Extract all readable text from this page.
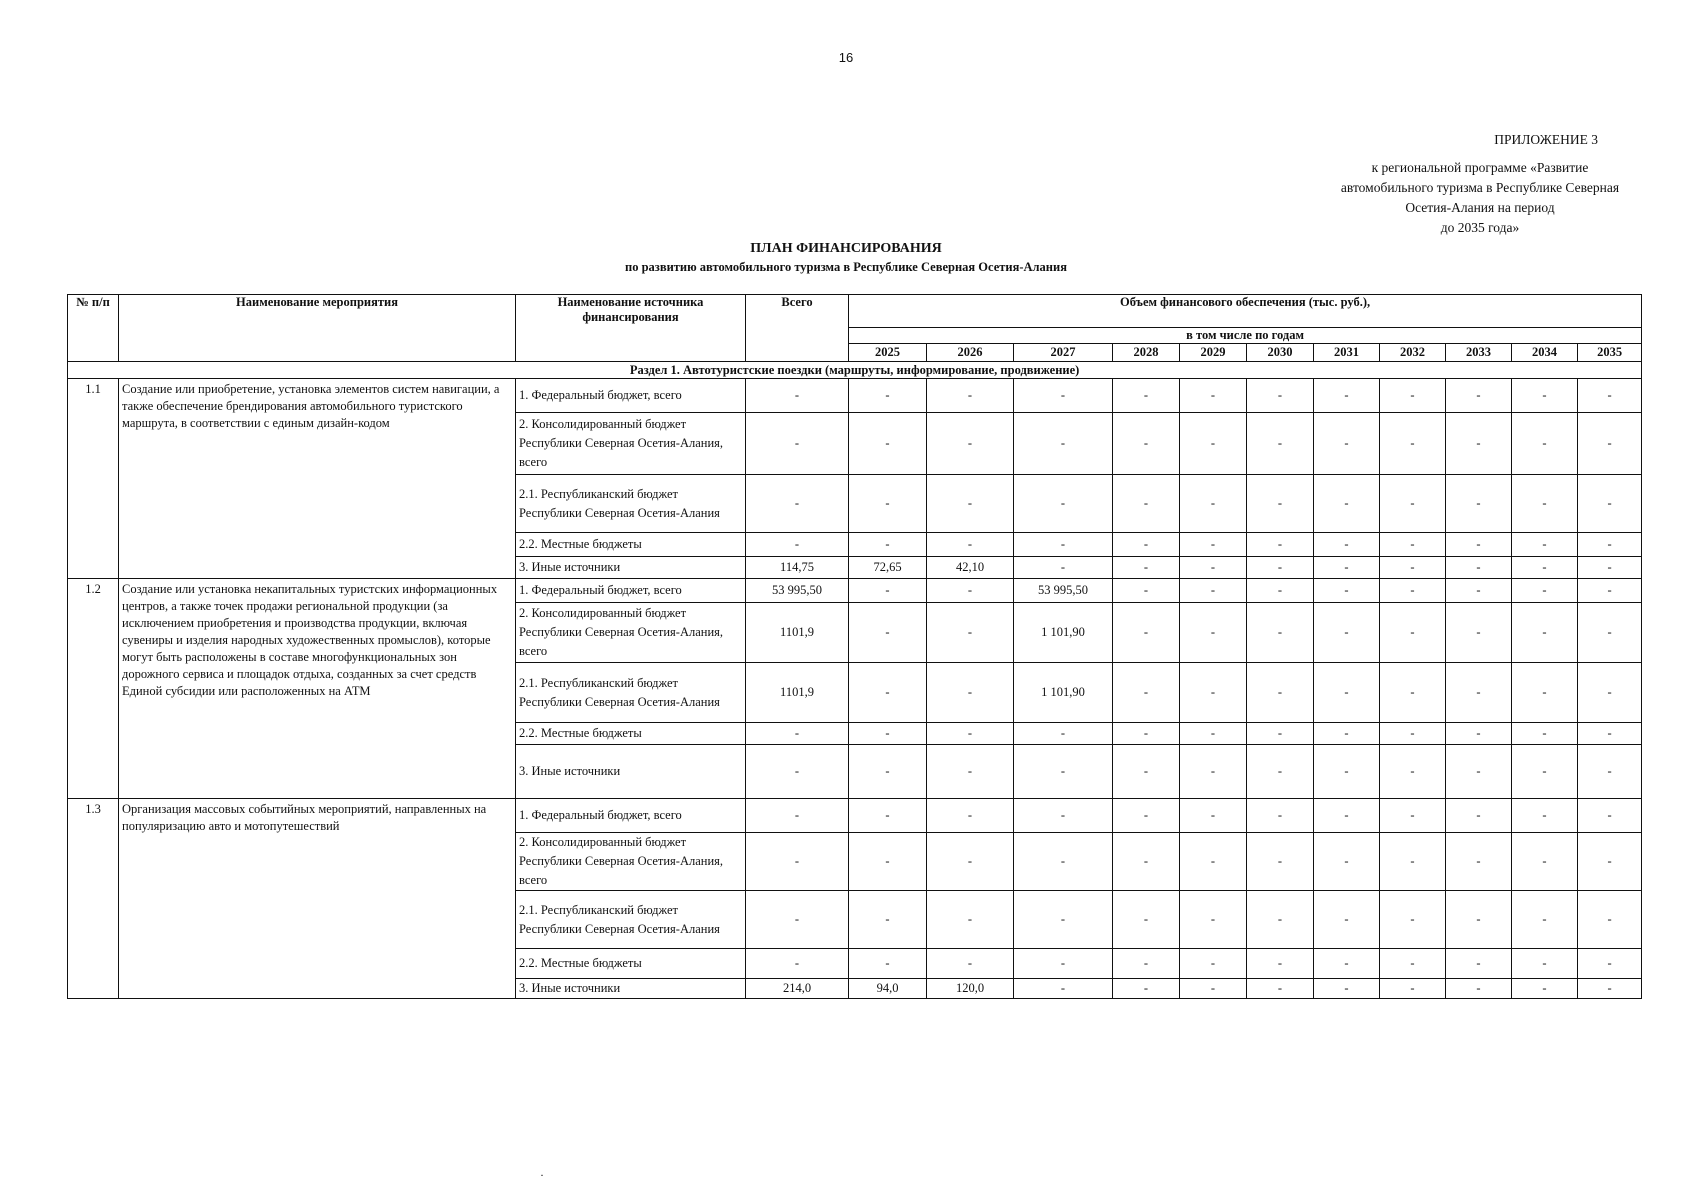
16
ПРИЛОЖЕНИЕ 3
к региональной программе «Развитие
автомобильного туризма в Республике Северная
Осетия-Алания на период
до 2035 года»
ПЛАН ФИНАНСИРОВАНИЯ
по развитию автомобильного туризма в Республике Северная Осетия-Алания
№ п/п	Наименование мероприятия	Наименование источника финансирования	Всего	Объем финансового обеспечения (тыс. руб.),										
				в том числе по годам										
				2025	2026	2027	2028	2029	2030	2031	2032	2033	2034	2035
Раздел 1. Автотуристские поездки (маршруты, информирование, продвижение)														
1.1	Создание или приобретение, установка элементов систем навигации, а также обеспечение брендирования автомобильного туристского маршрута, в соответствии с единым дизайн-кодом	1. Федеральный бюджет, всего	-	-	-	-	-	-	-	-	-	-	-	-
		2. Консолидированный бюджет Республики Северная Осетия-Алания, всего	-	-	-	-	-	-	-	-	-	-	-	-
		2.1. Республиканский бюджет Республики Северная Осетия-Алания	-	-	-	-	-	-	-	-	-	-	-	-
		2.2. Местные бюджеты	-	-	-	-	-	-	-	-	-	-	-	-
		3. Иные источники	114,75	72,65	42,10	-	-	-	-	-	-	-	-	-
1.2	Создание или установка некапитальных туристских информационных центров, а также точек продажи региональной продукции (за исключением приобретения и производства продукции, включая сувениры и изделия народных художественных промыслов), которые могут быть расположены в составе многофункциональных зон дорожного сервиса и площадок отдыха, созданных за счет средств Единой субсидии или расположенных на АТМ	1. Федеральный бюджет, всего	53 995,50	-	-	53 995,50	-	-	-	-	-	-	-	-
		2. Консолидированный бюджет Республики Северная Осетия-Алания, всего	1101,9	-	-	1 101,90	-	-	-	-	-	-	-	-
		2.1. Республиканский бюджет Республики Северная Осетия-Алания	1101,9	-	-	1 101,90	-	-	-	-	-	-	-	-
		2.2. Местные бюджеты	-	-	-	-	-	-	-	-	-	-	-	-
		3. Иные источники	-	-	-	-	-	-	-	-	-	-	-	-
1.3	Организация массовых событийных мероприятий, направленных на популяризацию авто и мотопутешествий	1. Федеральный бюджет, всего	-	-	-	-	-	-	-	-	-	-	-	-
		2. Консолидированный бюджет Республики Северная Осетия-Алания, всего	-	-	-	-	-	-	-	-	-	-	-	-
		2.1. Республиканский бюджет Республики Северная Осетия-Алания	-	-	-	-	-	-	-	-	-	-	-	-
		2.2. Местные бюджеты	-	-	-	-	-	-	-	-	-	-	-	-
		3. Иные источники	214,0	94,0	120,0	-	-	-	-	-	-	-	-	-
·
